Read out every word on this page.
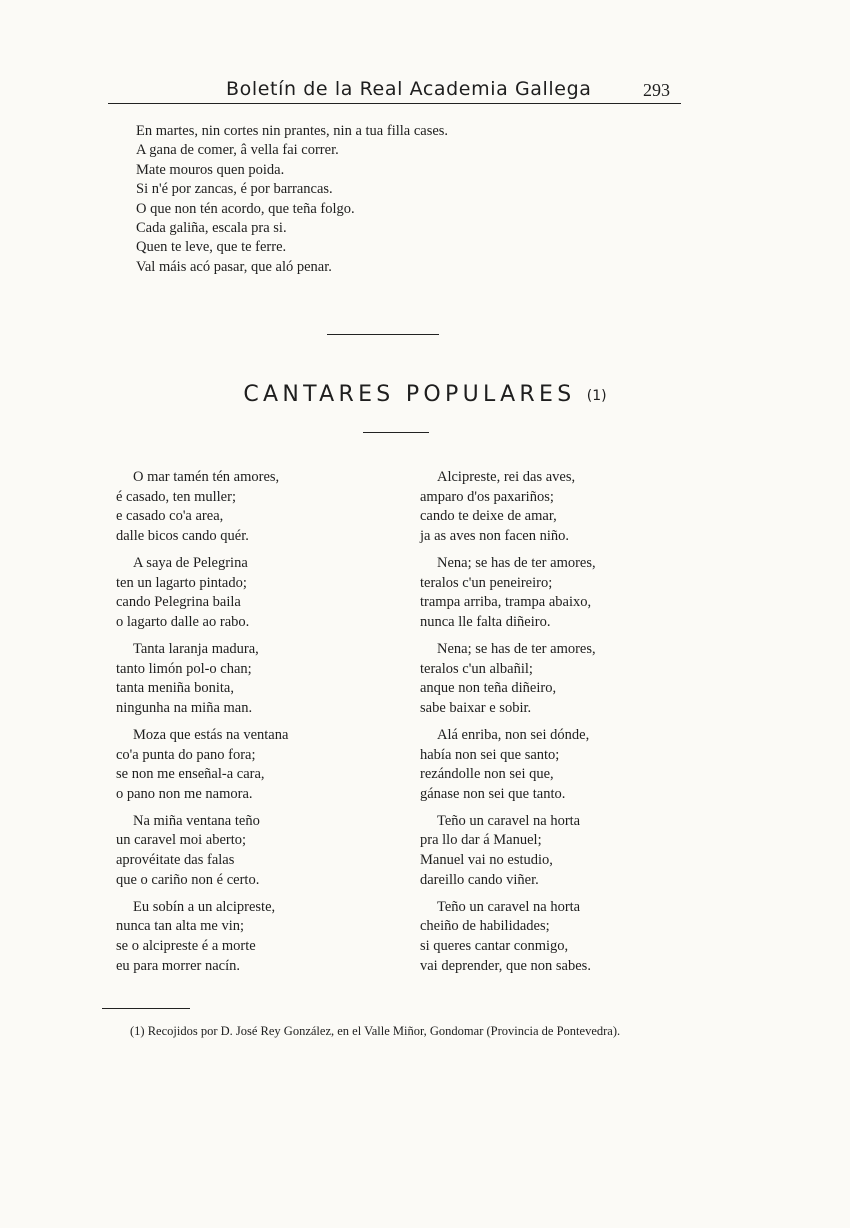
Boletín de la Real Academia Gallega	293
En martes, nin cortes nin prantes, nin a tua filla cases.
A gana de comer, â vella fai correr.
Mate mouros quen poida.
Si n'é por zancas, é por barrancas.
O que non tén acordo, que teña folgo.
Cada galiña, escala pra si.
Quen te leve, que te ferre.
Val máis acó pasar, que aló penar.
CANTARES POPULARES (1)
O mar tamén tén amores,
é casado, ten muller;
e casado co'a area,
dalle bicos cando quér.
A saya de Pelegrina
ten un lagarto pintado;
cando Pelegrina baila
o lagarto dalle ao rabo.
Tanta laranja madura,
tanto limón pol-o chan;
tanta meniña bonita,
ningunha na miña man.
Moza que estás na ventana
co'a punta do pano fora;
se non me enseñal-a cara,
o pano non me namora.
Na miña ventana teño
un caravel moi aberto;
aprovéitate das falas
que o cariño non é certo.
Eu sobín a un alcipreste,
nunca tan alta me vin;
se o alcipreste é a morte
eu para morrer nacín.
Alcipreste, rei das aves,
amparo d'os paxariños;
cando te deixe de amar,
ja as aves non facen niño.
Nena; se has de ter amores,
teralos c'un peneireiro;
trampa arriba, trampa abaixo,
nunca lle falta diñeiro.
Nena; se has de ter amores,
teralos c'un albañil;
anque non teña diñeiro,
sabe baixar e sobir.
Alá enriba, non sei dónde,
había non sei que santo;
rezándolle non sei que,
gánase non sei que tanto.
Teño un caravel na horta
pra llo dar á Manuel;
Manuel vai no estudio,
dareillo cando viñer.
Teño un caravel na horta
cheiño de habilidades;
si queres cantar conmigo,
vai deprender, que non sabes.

(1) Recojidos por D. José Rey González, en el Valle Miñor, Gondomar (Provincia de Pontevedra).
